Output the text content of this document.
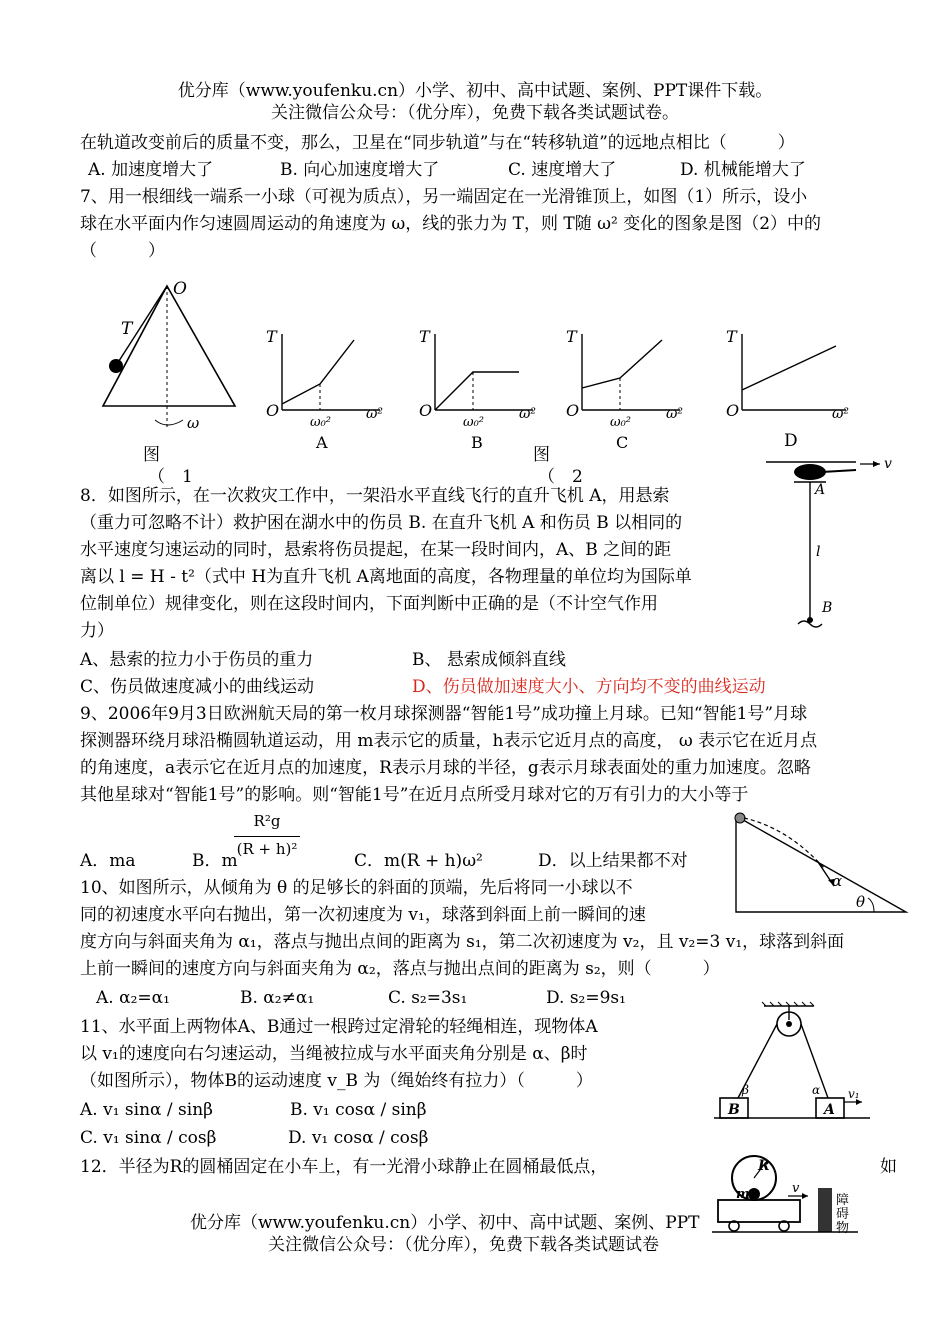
优分库（www.youfenku.cn）小学、初中、高中试题、案例、PPT课件下载。
关注微信公众号：（优分库），免费下载各类试题试卷。
在轨道改变前后的质量不变，那么，卫星在“同步轨道”与在“转移轨道”的远地点相比（　　　）
A. 加速度增大了	B. 向心加速度增大了	C. 速度增大了	D. 机械能增大了
7、用一根细线一端系一小球（可视为质点），另一端固定在一光滑锥顶上，如图（1）所示，设小
球在水平面内作匀速圆周运动的角速度为 ω，线的张力为 T，则 T随 ω² 变化的图象是图（2）中的
（　　　）
O
T
ω
图
（　1
T
O
ω₀²
ω²
A
T
O
ω₀²
ω²
B
T
O
ω₀²
ω²
C
T
O	ω²
D
图
（　2
8．如图所示，在一次救灾工作中，一架沿水平直线飞行的直升飞机 A，用悬索
（重力可忽略不计）救护困在湖水中的伤员 B. 在直升飞机 A 和伤员 B 以相同的
水平速度匀速运动的同时，悬索将伤员提起，在某一段时间内，A、B 之间的距
离以 l = H - t²（式中 H为直升飞机 A离地面的高度，各物理量的单位均为国际单
位制单位）规律变化，则在这段时间内，下面判断中正确的是（不计空气作用
力）
A、悬索的拉力小于伤员的重力	B、 悬索成倾斜直线
C、伤员做速度减小的曲线运动	D、伤员做加速度大小、方向均不变的曲线运动
v
A
l
B
9、2006年9月3日欧洲航天局的第一枚月球探测器“智能1号”成功撞上月球。已知“智能1号”月球
探测器环绕月球沿椭圆轨道运动，用 m表示它的质量，h表示它近月点的高度， ω 表示它在近月点
的角速度，a表示它在近月点的加速度，R表示月球的半径，g表示月球表面处的重力加速度。忽略
其他星球对“智能1号”的影响。则“智能1号”在近月点所受月球对它的万有引力的大小等于
A．ma	B．m
R²g
(R + h)²
C．m(R + h)ω²	D．以上结果都不对
10、如图所示，从倾角为 θ 的足够长的斜面的顶端，先后将同一小球以不
同的初速度水平向右抛出，第一次初速度为 v₁，球落到斜面上前一瞬间的速
度方向与斜面夹角为 α₁，落点与抛出点间的距离为 s₁，第二次初速度为 v₂，且 v₂=3 v₁，球落到斜面
上前一瞬间的速度方向与斜面夹角为 α₂，落点与抛出点间的距离为 s₂，则（　　　）
A. α₂=α₁	B. α₂≠α₁	C. s₂=3s₁	D. s₂=9s₁
α
θ
11、水平面上两物体A、B通过一根跨过定滑轮的轻绳相连，现物体A
以 v₁的速度向右匀速运动，当绳被拉成与水平面夹角分别是 α、β时
（如图所示），物体B的运动速度 v_B 为（绳始终有拉力）（　　　）
A. v₁ sinα / sinβ	B. v₁ cosα / sinβ
C. v₁ sinα / cosβ	D. v₁ cosα / cosβ
B	A
β	α v₁
12．半径为R的圆桶固定在小车上，有一光滑小球静止在圆桶最低点，	如
R
m	v
障 碍 物
优分库（www.youfenku.cn）小学、初中、高中试题、案例、PPT
关注微信公众号：（优分库），免费下载各类试题试卷
